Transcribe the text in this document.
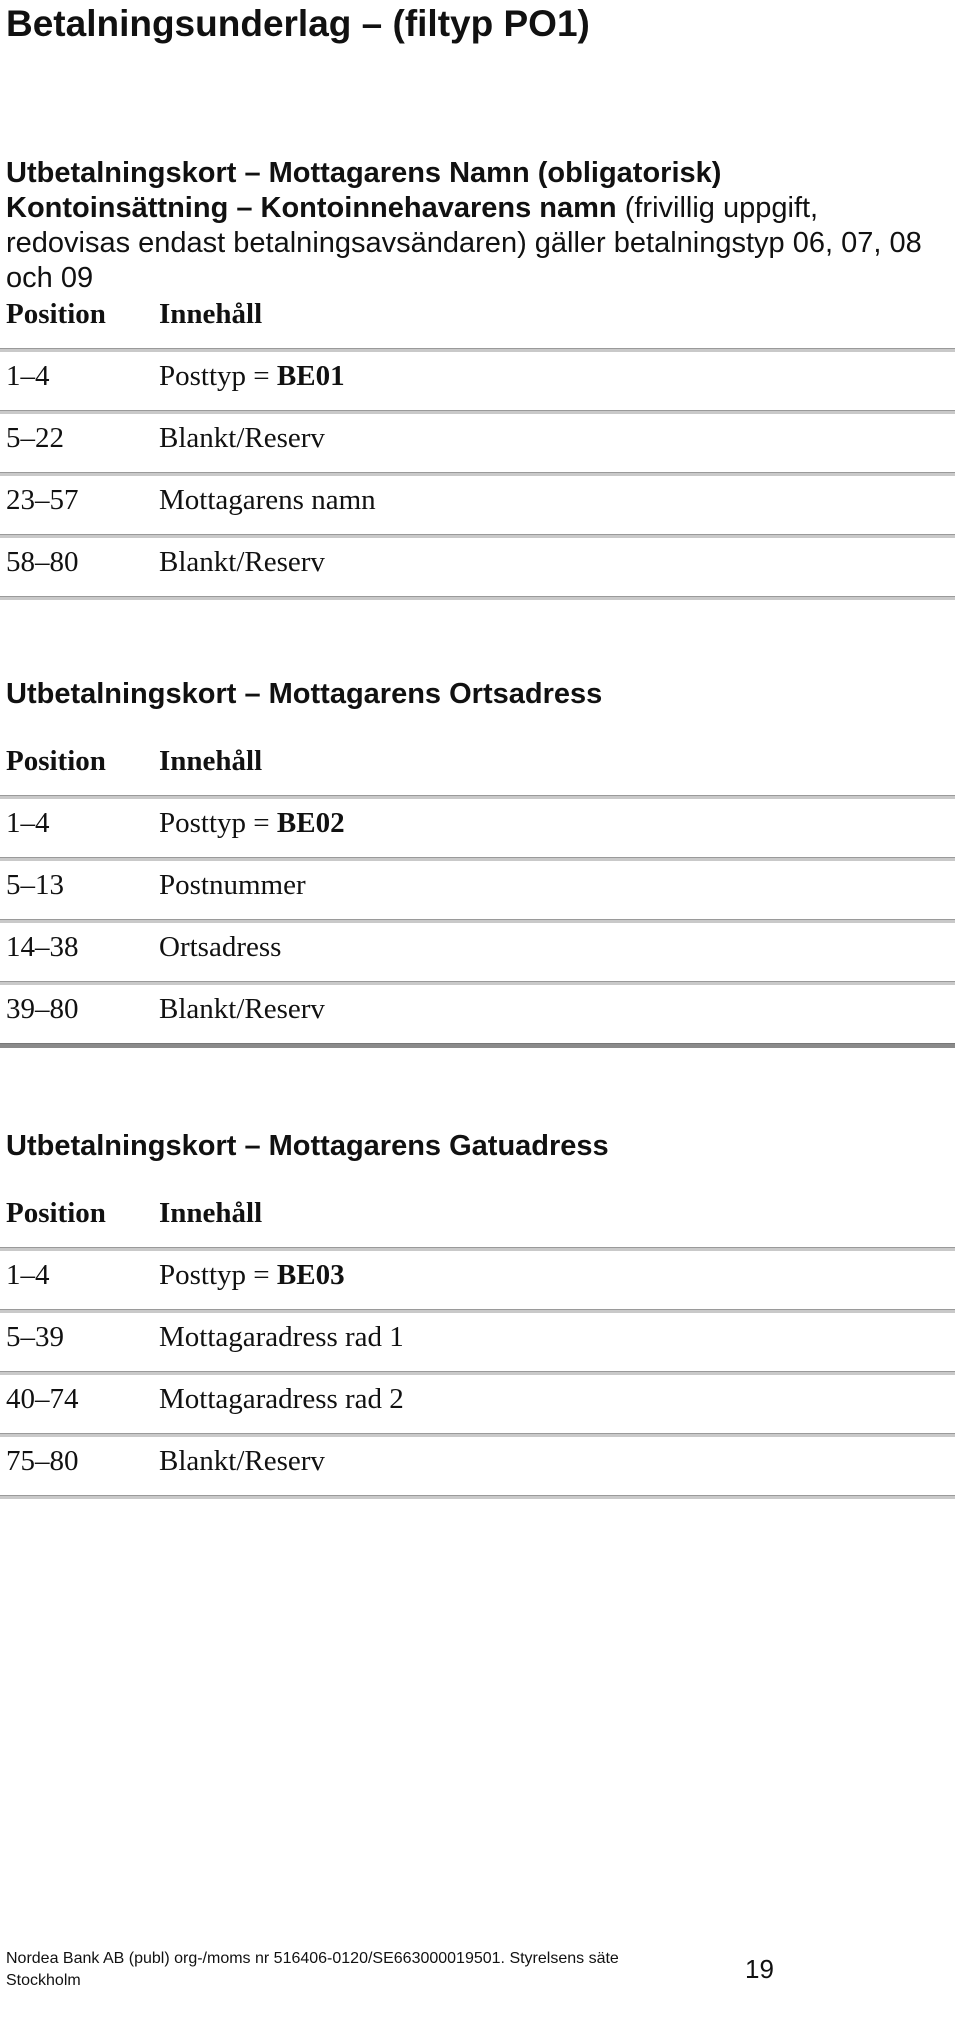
Betalningsunderlag – (filtyp PO1)
Utbetalningskort – Mottagarens Namn (obligatorisk)
Kontoinsättning – Kontoinnehavarens namn (frivillig uppgift,
redovisas endast betalningsavsändaren) gäller betalningstyp 06, 07, 08
och 09
Position Innehåll
1–4	Posttyp = BE01
5–22	Blankt/Reserv
23–57	Mottagarens namn
58–80	Blankt/Reserv
Utbetalningskort – Mottagarens Ortsadress
Position Innehåll
1–4	Posttyp = BE02
5–13	Postnummer
14–38	Ortsadress
39–80	Blankt/Reserv
Utbetalningskort – Mottagarens Gatuadress
Position Innehåll
1–4	Posttyp = BE03
5–39	Mottagaradress rad 1
40–74	Mottagaradress rad 2
75–80	Blankt/Reserv
Nordea Bank AB (publ) org-/moms nr 516406-0120/SE663000019501. Styrelsens säte
Stockholm	19
